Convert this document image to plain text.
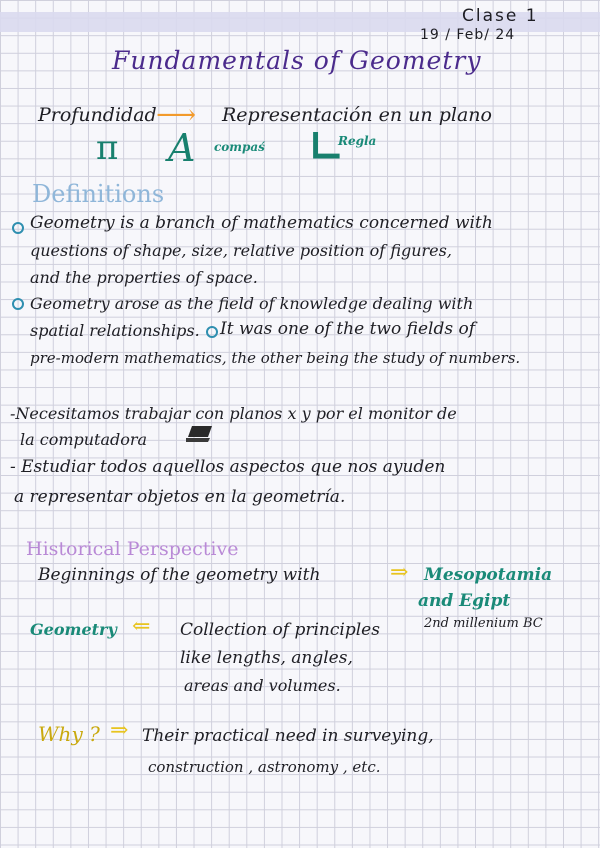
Clase 1
19 / Feb/ 24
Fundamentals of Geometry
Profundidad ⟶ Representación en un plano
π A compaś ∟
Regla
Definitions
Geometry is a branch of mathematics concerned with
questions of shape, size, relative position of figures,
and the properties of space.
Geometry arose as the field of knowledge dealing with
spatial relationships. It was one of the two fields of
pre-modern mathematics, the other being the study of numbers.
-Necesitamos trabajar con planos x y por el monitor de
la computadora
- Estudiar todos aquellos aspectos que nos ayuden
a representar objetos en la geometría.
Historical Perspective
Beginnings of the geometry with	⇒ Mesopotamia
and Egipt
2nd millenium BC
Geometry ⇐ Collection of principles
like lengths, angles,
areas and volumes.
Why ? ⇒ Their practical need in surveying,
construction , astronomy , etc.
